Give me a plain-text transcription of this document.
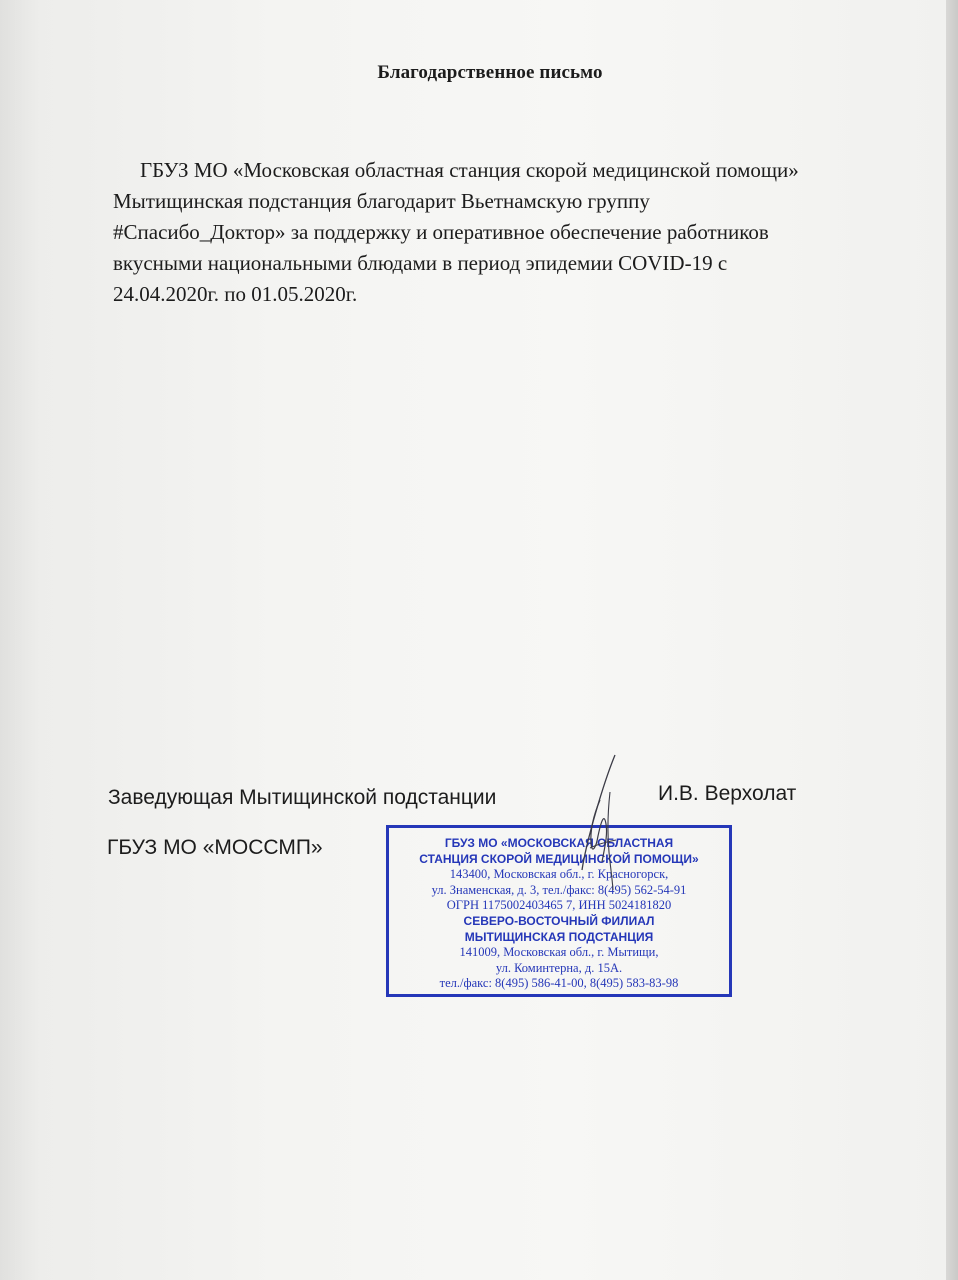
Благодарственное письмо

ГБУЗ МО «Московская областная станция скорой медицинской помощи»
Мытищинская подстанция благодарит Вьетнамскую группу
#Спасибо_Доктор» за поддержку и оперативное обеспечение работников
вкусными национальными блюдами в период эпидемии COVID-19 с
24.04.2020г. по 01.05.2020г.

Заведующая Мытищинской подстанции	И.В. Верхолат
ГБУЗ МО «МОССМП»	ГБУЗ МО «МОСКОВСКАЯ ОБЛАСТНАЯ
СТАНЦИЯ СКОРОЙ МЕДИЦИНСКОЙ ПОМОЩИ»
143400, Московская обл., г. Красногорск,
ул. Знаменская, д. 3, тел./факс: 8(495) 562-54-91
ОГРН 1175002403465 7, ИНН 5024181820
СЕВЕРО-ВОСТОЧНЫЙ ФИЛИАЛ
МЫТИЩИНСКАЯ ПОДСТАНЦИЯ
141009, Московская обл., г. Мытищи,
ул. Коминтерна, д. 15А.
тел./факс: 8(495) 586-41-00, 8(495) 583-83-98
